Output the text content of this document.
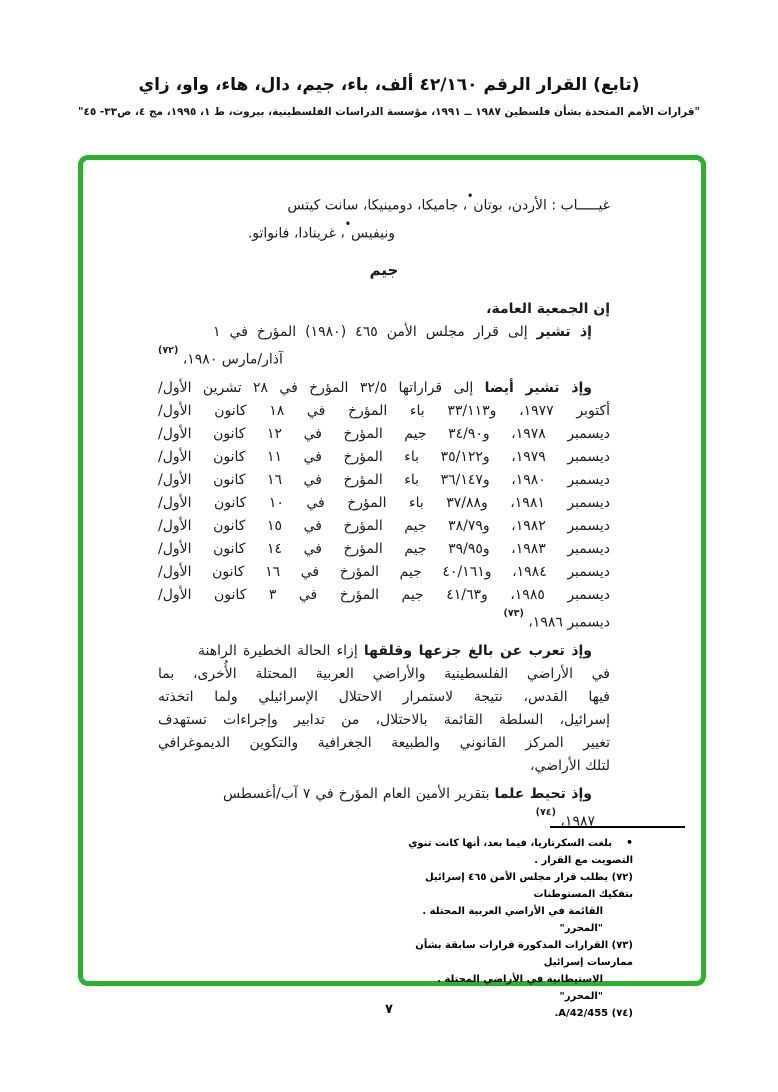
(تابع) القرار الرقم ٤٢/١٦٠ ألف، باء، جيم، دال، هاء، واو، زاي
"قرارات الأمم المتحدة بشأن فلسطين ١٩٨٧ ــ ١٩٩١، مؤسسة الدراسات الفلسطينية، بيروت، ط ١، ١٩٩٥، مج ٤، ص٣٣- ٤٥"
غيـــــاب : الأردن، بوتان•، جاميكا، دومينيكا، سانت كيتس
ونيفيس•، غرينادا، فانواتو.
جيم
إن الجمعية العامة،
إذ تشير إلى قرار مجلس الأمن ٤٦٥ (١٩٨٠) المؤرخ في ١
آذار/مارس ١٩٨٠، $^{(٧٢)}$
وإذ تشير أيضا إلى قراراتها ٣٢/٥ المؤرخ في ٢٨ تشرين الأول/
أكتوبر ١٩٧٧، و٣٣/١١٣ باء المؤرخ في ١٨ كانون الأول/
ديسمبر ١٩٧٨، و٣٤/٩٠ جيم المؤرخ في ١٢ كانون الأول/
ديسمبر ١٩٧٩، و٣٥/١٢٢ باء المؤرخ في ١١ كانون الأول/
ديسمبر ١٩٨٠، و٣٦/١٤٧ باء المؤرخ في ١٦ كانون الأول/
ديسمبر ١٩٨١، و٣٧/٨٨ باء المؤرخ في ١٠ كانون الأول/
ديسمبر ١٩٨٢، و٣٨/٧٩ جيم المؤرخ في ١٥ كانون الأول/
ديسمبر ١٩٨٣، و٣٩/٩٥ جيم المؤرخ في ١٤ كانون الأول/
ديسمبر ١٩٨٤، و٤٠/١٦١ جيم المؤرخ في ١٦ كانون الأول/
ديسمبر ١٩٨٥، و٤١/٦٣ جيم المؤرخ في ٣ كانون الأول/
ديسمبر ١٩٨٦، $^{(٧٣)}$
وإذ تعرب عن بالغ جزعها وقلقها إزاء الحالة الخطيرة الراهنة
في الأراضي الفلسطينية والأراضي العربية المحتلة الأُخرى، بما
فيها القدس، نتيجة لاستمرار الاحتلال الإسرائيلي ولما اتخذته
إسرائيل، السلطة القائمة بالاحتلال، من تدابير وإجراءات تستهدف
تغيير المركز القانوني والطبيعة الجغرافية والتكوين الديموغرافي
لتلك الأراضي،
وإذ تحيط علما بتقرير الأمين العام المؤرخ في ٧ آب/أغسطس
١٩٨٧، $^{(٧٤)}$
•بلغت السكرتاريا، فيما بعد، أنها كانت تنوي التصويت مع القرار .
(٧٢) يطلب قرار مجلس الأمن ٤٦٥ إسرائيل بتفكيك المستوطنات
القائمة في الأراضي العربية المحتلة . "المحرر"
(٧٣) القرارات المذكورة قرارات سابقة بشأن ممارسات إسرائيل
الاستيطانية في الأراضي المحتلة . "المحرر"
(٧٤) A/42/455.
٧
